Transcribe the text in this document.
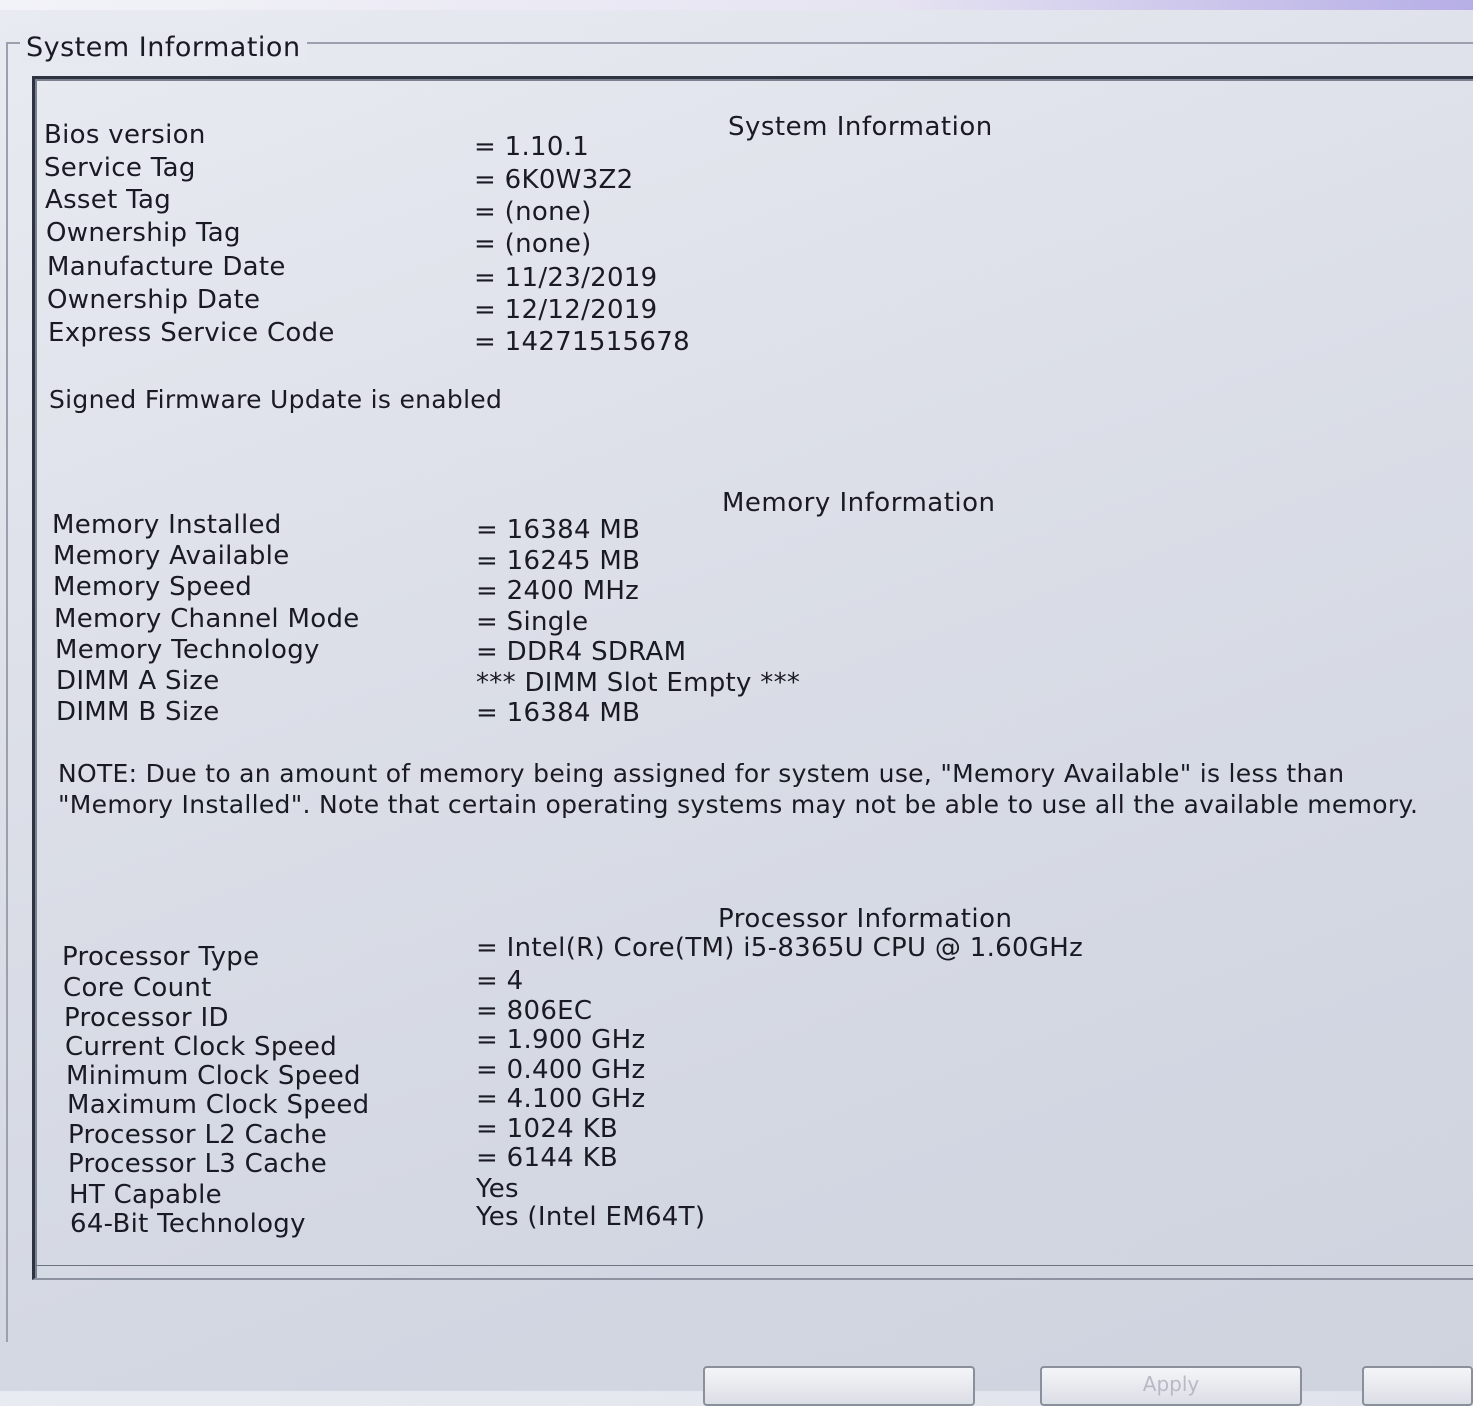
System Information
System Information
Bios version	= 1.10.1
Service Tag	= 6K0W3Z2
Asset Tag	= (none)
Ownership Tag	= (none)
Manufacture Date	= 11/23/2019
Ownership Date	= 12/12/2019
Express Service Code	= 14271515678
Signed Firmware Update is enabled
Memory Information
Memory Installed	= 16384 MB
Memory Available	= 16245 MB
Memory Speed	= 2400 MHz
Memory Channel Mode	= Single
Memory Technology	= DDR4 SDRAM
DIMM A Size	*** DIMM Slot Empty ***
DIMM B Size	= 16384 MB
NOTE: Due to an amount of memory being assigned for system use, "Memory Available" is less than "Memory Installed". Note that certain operating systems may not be able to use all the available memory.
Processor Information
Processor Type	= Intel(R) Core(TM) i5-8365U CPU @ 1.60GHz
Core Count	= 4
Processor ID	= 806EC
Current Clock Speed	= 1.900 GHz
Minimum Clock Speed	= 0.400 GHz
Maximum Clock Speed	= 4.100 GHz
Processor L2 Cache	= 1024 KB
Processor L3 Cache	= 6144 KB
HT Capable	Yes
64-Bit Technology	Yes (Intel EM64T)
Apply
